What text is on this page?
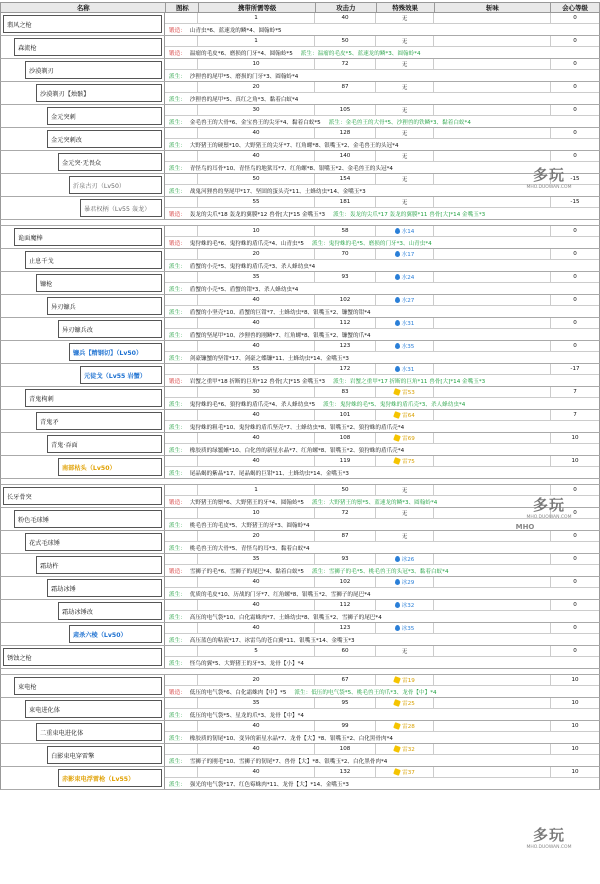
名称	图标	携带所需等级	攻击力	特殊效果	斩味	会心等级
翡风之枪
1	40	无	0
锻造： 山青虫*6、蓝速龙的鳞*4、圆翰蛉*5
森流枪
1	50	无	0
锻造： 温瘤的毛皮*6、磨损的门牙*4、圆翰蛉*5 派生：温瘤的毛皮*5、蓝速龙的鳞*3、圆翰蛉*4
沙漠剃刃
10	72	无	0
派生： 沙狸兽的尾甲*5、磨损的门牙*3、圆翰蛉*4
沙漠剃刃【烛骸】
20	87	无	0
派生： 沙狸兽的尾甲*5、真红之角*3、黏着白蚁*4
金元突刺
30	105	无	0
派生： 金毛兽王的大骨*6、金宝兽王的尖牙*4、黏着白蚁*5 派生：金毛兽王的大骨*5、沙狸兽的铁鳞*3、黏着白蚁*4
金元突刺改
40	128	无	0
派生： 大野猪王的硬鬃*10、大野猪王的尖牙*7、红角螺*8、银嘴玉*2、金毛兽王的头冠*4
金元突·无畏众
40	140	无	0
派生： 青怪鸟的耳骨*10、青怪鸟的地狱耳*7、红角螺*8、银嘴玉*2、金毛兽王的头冠*4
沂泉古刃（Lv50）
50	154	无	-15
派生： 战鬼河狸兽的坚尾甲*17、坚固的蛋头壳*11、土蜂幼虫*14、金嘴玉*3
暴君权柄（Lv55 轰龙）
55	181	无	-15
锻造： 轰龙的尖爪*18 轰龙的翼膜*12 兽骨[大]*15 金嘴玉*3 派生：轰龙的尖爪*17 轰龙的翼膜*11 兽骨[大]*14 金嘴玉*3
诡面魔棒
10	58	水14	0
锻造： 鬼狩蛛的毛*6、鬼狩蛛的盾爪壳*4、山青虫*5 派生：鬼狩蛛的毛*5、磨损的门牙*3、山青虫*4
止息千戈
20	70	水17	0
派生： 盾蟹的小壳*5、鬼狩蛛的盾爪壳*3、杀人蜂幼虫*4
镰枪
35	93	水24	0
派生： 盾蟹的小壳*5、盾蟹的钳*3、杀人蜂幼虫*4
异刃镰兵
40	102	水27	0
派生： 盾蟹的小坚壳*10、盾蟹的巨钳*7、土蜂幼虫*8、银嘴玉*2、镰蟹的钳*4
异刃镰兵改
40	112	水31	0
派生： 盾蟹的坚尾甲*10、沙狸兽的刚鳞*7、红角螺*8、银嘴玉*2、镰蟹的爪*4
镰兵【精钢切】（Lv50）
40	123	水35	0
派生： 剑豪镰蟹的坚钳*17、剑豪之蝶镰*11、土蜂幼虫*14、金嘴玉*3
元徒戈（Lv55 岩蟹）
55	172	水31	-17
锻造： 岩蟹之重甲*18 折断的巨角*12 兽骨[大]*15 金嘴玉*3 派生：岩蟹之重甲*17 折断的巨角*11 兽骨[大]*14 金嘴玉*3
青鬼枸刺
30	83	雷53	7
派生： 鬼狩蛛的毛*6、狼狩蛛的盾爪壳*4、杀人蜂幼虫*5 派生：鬼狩蛛的毛*5、鬼狩蛛的盾爪壳*3、杀人蜂幼虫*4
青鬼矛
40	101	雷64	7
派生： 鬼狩蛛的粗毛*10、鬼狩蛛的盾爪坚壳*7、土蜂幼虫*8、银嘴玉*2、狼狩蛛的盾爪壳*4
青鬼·吞面
40	108	雷69	10
派生： 橡胶质的绿鬣蜥*10、白化兽的新星水晶*7、红角螺*8、银嘴玉*2、狼狩蛛的盾爪壳*4
南部枯头（Lv50）
40	119	雷75	10
派生： 尾晶蝎的紫晶*17、尾晶蝎的巨钳*11、土蜂幼虫*14、金嘴玉*3
长牙骨突
1	50	无	0
锻造： 大野猪王的鬃*6、大野猪王的牙*4、圆翰蛉*5 派生：大野猪王的鬃*5、蓝速龙的鳞*3、圆翰蛉*4
粉色毛球锤
10	72	无	0
派生： 桃毛兽王的毛皮*5、大野猪王的牙*3、圆翰蛉*4
花式毛球锤
20	87	无	0
派生： 桃毛兽王的大骨*5、青怪鸟的耳*3、黏着白蚁*4
霜劫杵
35	93	冰26	0
锻造： 雪狮子的毛*6、雪狮子的尾巴*4、黏着白蚁*5 派生：雪狮子的毛*5、桃毛兽王的头冠*3、黏着白蚁*4
霜劫冰锤
40	102	冰29	0
派生： 优质的毛皮*10、历战的门牙*7、红角螺*8、银嘴玉*2、雪狮子的尾巴*4
霜劫冰锤改
40	112	冰32	0
派生： 高压的电气袋*10、白化霜蛛肉*7、土蜂幼虫*8、银嘴玉*2、雪狮子的尾巴*4
肃杀六棱（Lv50）
40	123	冰35	0
派生： 高压蓝色的粘液*17、冰雷鸟的苍白翼*11、银嘴玉*14、金嘴玉*3
锈蚀之枪
5	60	无	0
派生： 怪鸟的翼*5、大野猪王的牙*3、龙骨【小】*4
束电枪
20	67	雷19	10
锻造： 低压的电气袋*6、白化霜蛛肉【中】*5 派生：低压的电气袋*5、桃毛兽王的爪*3、龙骨【中】*4
束电进化体
35	95	雷25	10
派生： 低压的电气袋*5、星龙的爪*3、龙骨【中】*4
二重束电进化体
40	99	雷28	10
派生： 橡胶质的韧尾*10、变异的新星水晶*7、龙骨【大】*8、银嘴玉*2、白化黑骨肉*4
白影束电穿雷擎
40	108	雷32	10
派生： 雪狮子的刚毛*10、雪狮子的韧尾*7、兽骨【大】*8、银嘴玉*2、白化黑骨肉*4
赤影束电浮雷枪（Lv55）
40	132	雷37	10
派生： 强光的电气袋*17、红色霉蛛肉*11、龙骨【大】*14、金嘴玉*3
多玩
MHO.DUOWAN.COM
多玩
MHO.DUOWAN.COM
MHO
多玩
MHO.DUOWAN.COM
